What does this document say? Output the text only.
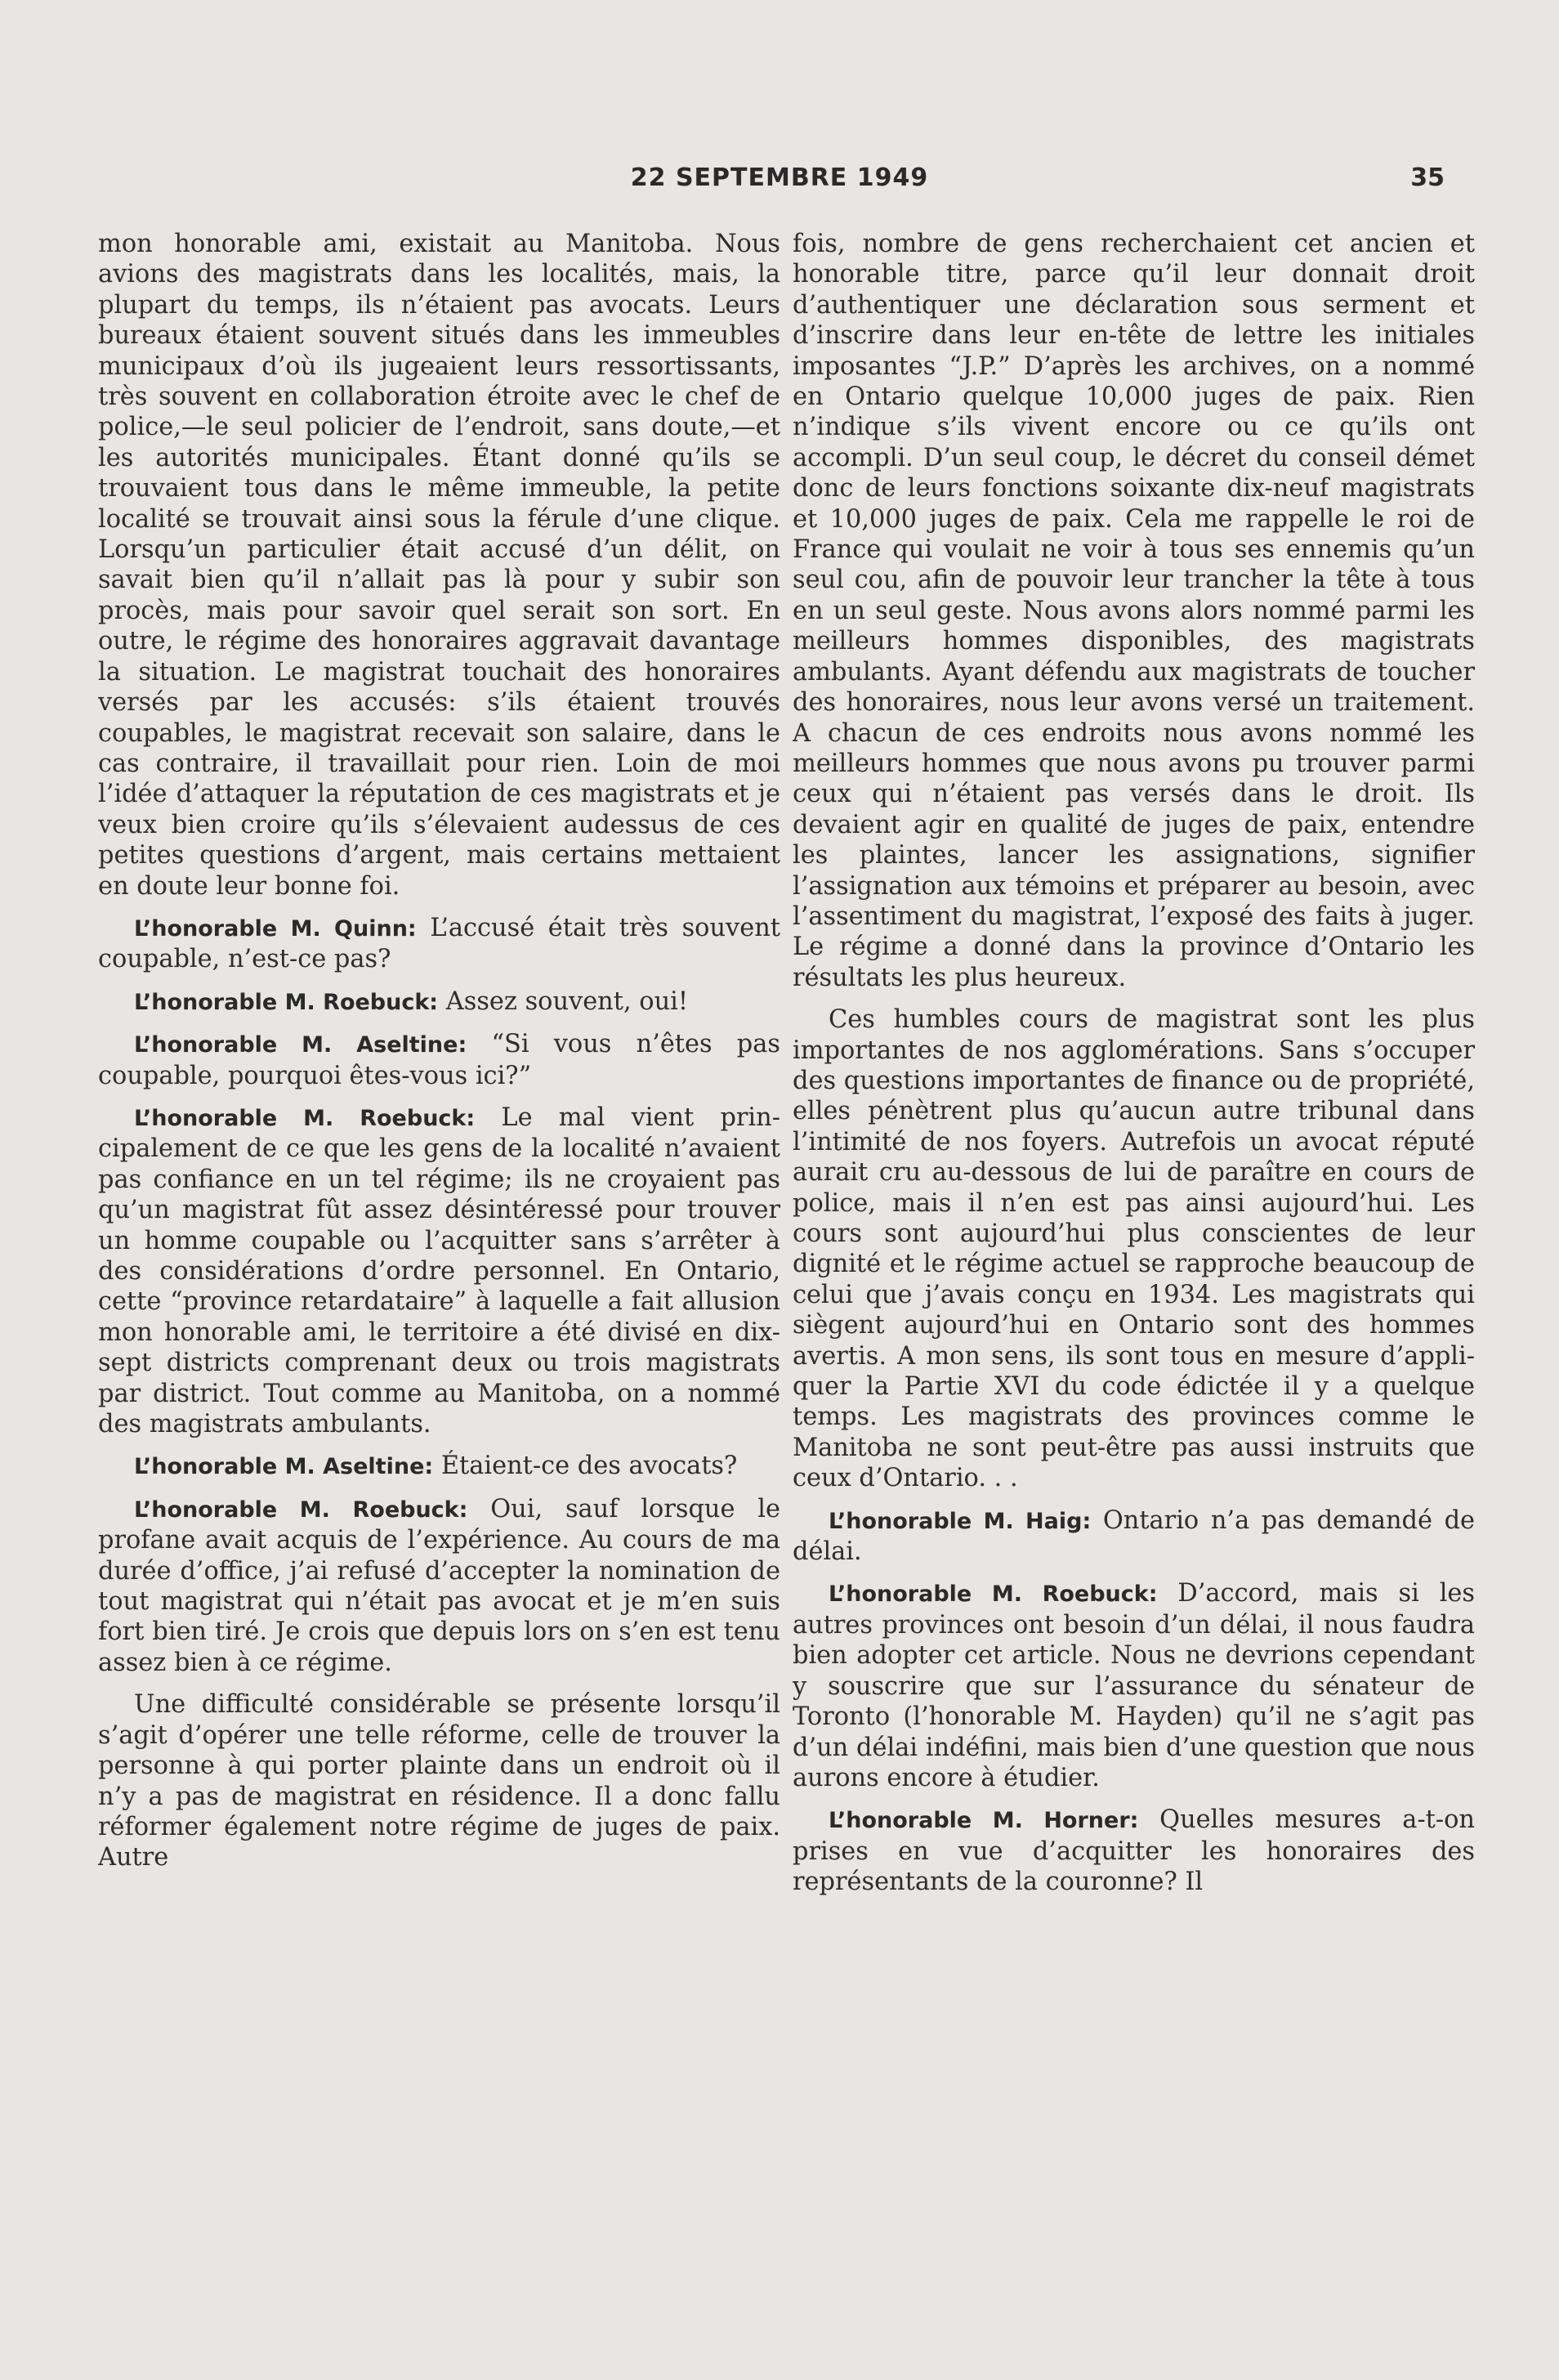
22 SEPTEMBRE 1949	35

mon honorable ami, existait au Manitoba. Nous avions des magistrats dans les localités, mais, la plupart du temps, ils n’étaient pas avocats. Leurs bureaux étaient souvent situés dans les immeubles municipaux d’où ils jugeaient leurs ressortissants, très souvent en collaboration étroite avec le chef de police,—le seul policier de l’endroit, sans doute,—et les autorités municipales. Étant donné qu’ils se trouvaient tous dans le même immeuble, la petite localité se trouvait ainsi sous la férule d’une clique. Lorsqu’un particulier était accusé d’un délit, on savait bien qu’il n’allait pas là pour y subir son procès, mais pour savoir quel serait son sort. En outre, le régime des honoraires aggravait davantage la situation. Le magistrat touchait des honoraires versés par les accusés: s’ils étaient trouvés coupables, le magistrat recevait son salaire, dans le cas contraire, il travaillait pour rien. Loin de moi l’idée d’attaquer la réputation de ces magistrats et je veux bien croire qu’ils s’élevaient audessus de ces petites questions d’argent, mais certains mettaient en doute leur bonne foi.

L’honorable M. Quinn: L’accusé était très souvent coupable, n’est-ce pas?

L’honorable M. Roebuck: Assez souvent, oui!

L’honorable M. Aseltine: “Si vous n’êtes pas coupable, pourquoi êtes-vous ici?”

L’honorable M. Roebuck: Le mal vient principalement de ce que les gens de la localité n’avaient pas confiance en un tel régime; ils ne croyaient pas qu’un magistrat fût assez désintéressé pour trouver un homme coupable ou l’acquitter sans s’arrêter à des considérations d’ordre personnel. En Ontario, cette “province retardataire” à laquelle a fait allusion mon honorable ami, le territoire a été divisé en dix-sept districts comprenant deux ou trois magistrats par district. Tout comme au Manitoba, on a nommé des magistrats ambulants.

L’honorable M. Aseltine: Étaient-ce des avocats?

L’honorable M. Roebuck: Oui, sauf lorsque le profane avait acquis de l’expérience. Au cours de ma durée d’office, j’ai refusé d’accepter la nomination de tout magistrat qui n’était pas avocat et je m’en suis fort bien tiré. Je crois que depuis lors on s’en est tenu assez bien à ce régime.

Une difficulté considérable se présente lorsqu’il s’agit d’opérer une telle réforme, celle de trouver la personne à qui porter plainte dans un endroit où il n’y a pas de magistrat en résidence. Il a donc fallu réformer également notre régime de juges de paix. Autre

fois, nombre de gens recherchaient cet ancien et honorable titre, parce qu’il leur donnait droit d’authentiquer une déclaration sous serment et d’inscrire dans leur en-tête de lettre les initiales imposantes “J.P.” D’après les archives, on a nommé en Ontario quelque 10,000 juges de paix. Rien n’indique s’ils vivent encore ou ce qu’ils ont accompli. D’un seul coup, le décret du conseil démet donc de leurs fonctions soixante dix-neuf magistrats et 10,000 juges de paix. Cela me rappelle le roi de France qui voulait ne voir à tous ses ennemis qu’un seul cou, afin de pouvoir leur trancher la tête à tous en un seul geste. Nous avons alors nommé parmi les meilleurs hommes disponibles, des magistrats ambulants. Ayant défendu aux magistrats de toucher des honoraires, nous leur avons versé un traitement. A chacun de ces endroits nous avons nommé les meilleurs hommes que nous avons pu trouver parmi ceux qui n’étaient pas versés dans le droit. Ils devaient agir en qualité de juges de paix, entendre les plaintes, lancer les assignations, signifier l’assignation aux témoins et préparer au besoin, avec l’assentiment du magistrat, l’exposé des faits à juger. Le régime a donné dans la province d’Ontario les résultats les plus heureux.

Ces humbles cours de magistrat sont les plus importantes de nos agglomérations. Sans s’occuper des questions importantes de finance ou de propriété, elles pénètrent plus qu’aucun autre tribunal dans l’intimité de nos foyers. Autrefois un avocat réputé aurait cru au-dessous de lui de paraître en cours de police, mais il n’en est pas ainsi aujourd’hui. Les cours sont aujourd’hui plus conscientes de leur dignité et le régime actuel se rapproche beaucoup de celui que j’avais conçu en 1934. Les magistrats qui siègent aujourd’hui en Ontario sont des hommes avertis. A mon sens, ils sont tous en mesure d’appliquer la Partie XVI du code édictée il y a quelque temps. Les magistrats des provinces comme le Manitoba ne sont peut-être pas aussi instruits que ceux d’Ontario. . .

L’honorable M. Haig: Ontario n’a pas demandé de délai.

L’honorable M. Roebuck: D’accord, mais si les autres provinces ont besoin d’un délai, il nous faudra bien adopter cet article. Nous ne devrions cependant y souscrire que sur l’assurance du sénateur de Toronto (l’honorable M. Hayden) qu’il ne s’agit pas d’un délai indéfini, mais bien d’une question que nous aurons encore à étudier.

L’honorable M. Horner: Quelles mesures a-t-on prises en vue d’acquitter les honoraires des représentants de la couronne? Il
